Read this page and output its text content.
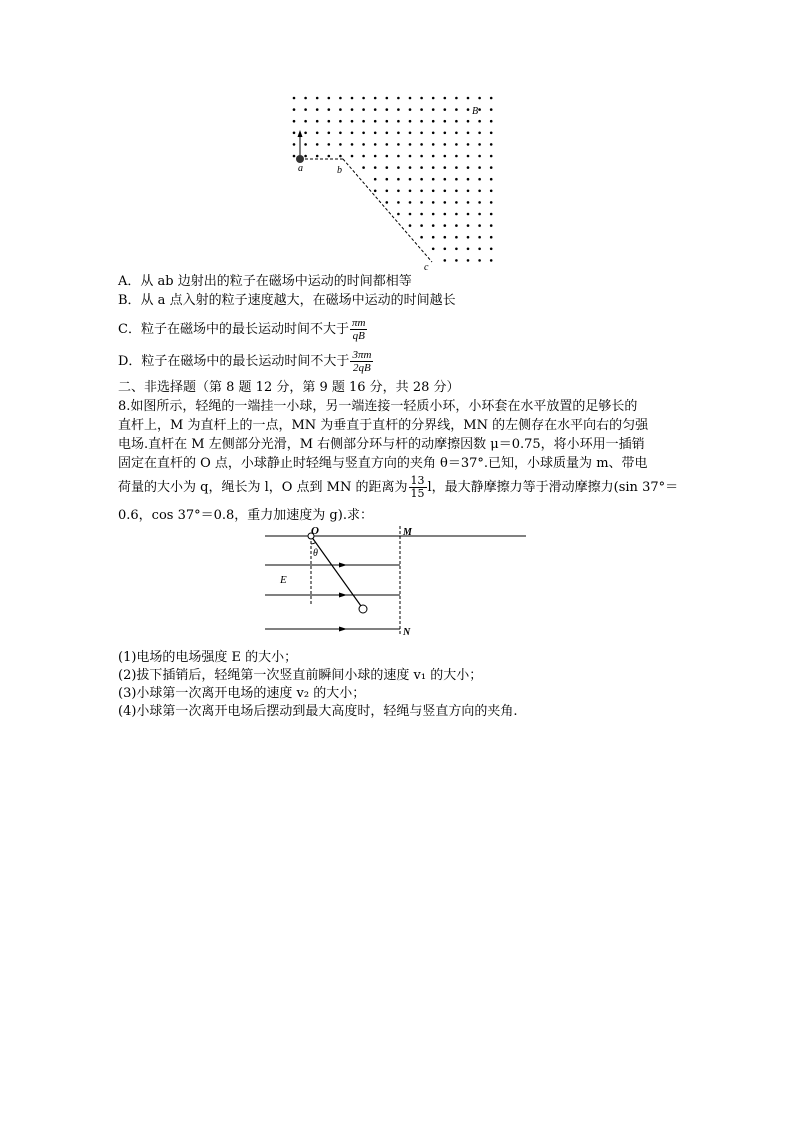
a	b
c
B
A．从 ab 边射出的粒子在磁场中运动的时间都相等
B．从 a 点入射的粒子速度越大，在磁场中运动的时间越长
C．粒子在磁场中的最长运动时间不大于 $\frac{\pi m}{qB}$
D．粒子在磁场中的最长运动时间不大于 $\frac{3\pi m}{2qB}$
二、非选择题（第 8 题 12 分，第 9 题 16 分，共 28 分）
8.如图所示，轻绳的一端挂一小球，另一端连接一轻质小环，小环套在水平放置的足够长的
直杆上，M 为直杆上的一点，MN 为垂直于直杆的分界线，MN 的左侧存在水平向右的匀强
电场.直杆在 M 左侧部分光滑，M 右侧部分环与杆的动摩擦因数 μ＝0.75，将小环用一插销
固定在直杆的 O 点，小球静止时轻绳与竖直方向的夹角 θ＝37°.已知，小球质量为 m、带电
荷量的大小为 q，绳长为 l，O 点到 MN 的距离为 $\frac{13}{15}$ l，最大静摩擦力等于滑动摩擦力(sin 37°＝
0.6，cos 37°＝0.8，重力加速度为 g).求：
O
θ
M
E
N
(1)电场的电场强度 E 的大小；
(2)拔下插销后，轻绳第一次竖直前瞬间小球的速度 v₁ 的大小；
(3)小球第一次离开电场的速度 v₂ 的大小；
(4)小球第一次离开电场后摆动到最大高度时，轻绳与竖直方向的夹角.
